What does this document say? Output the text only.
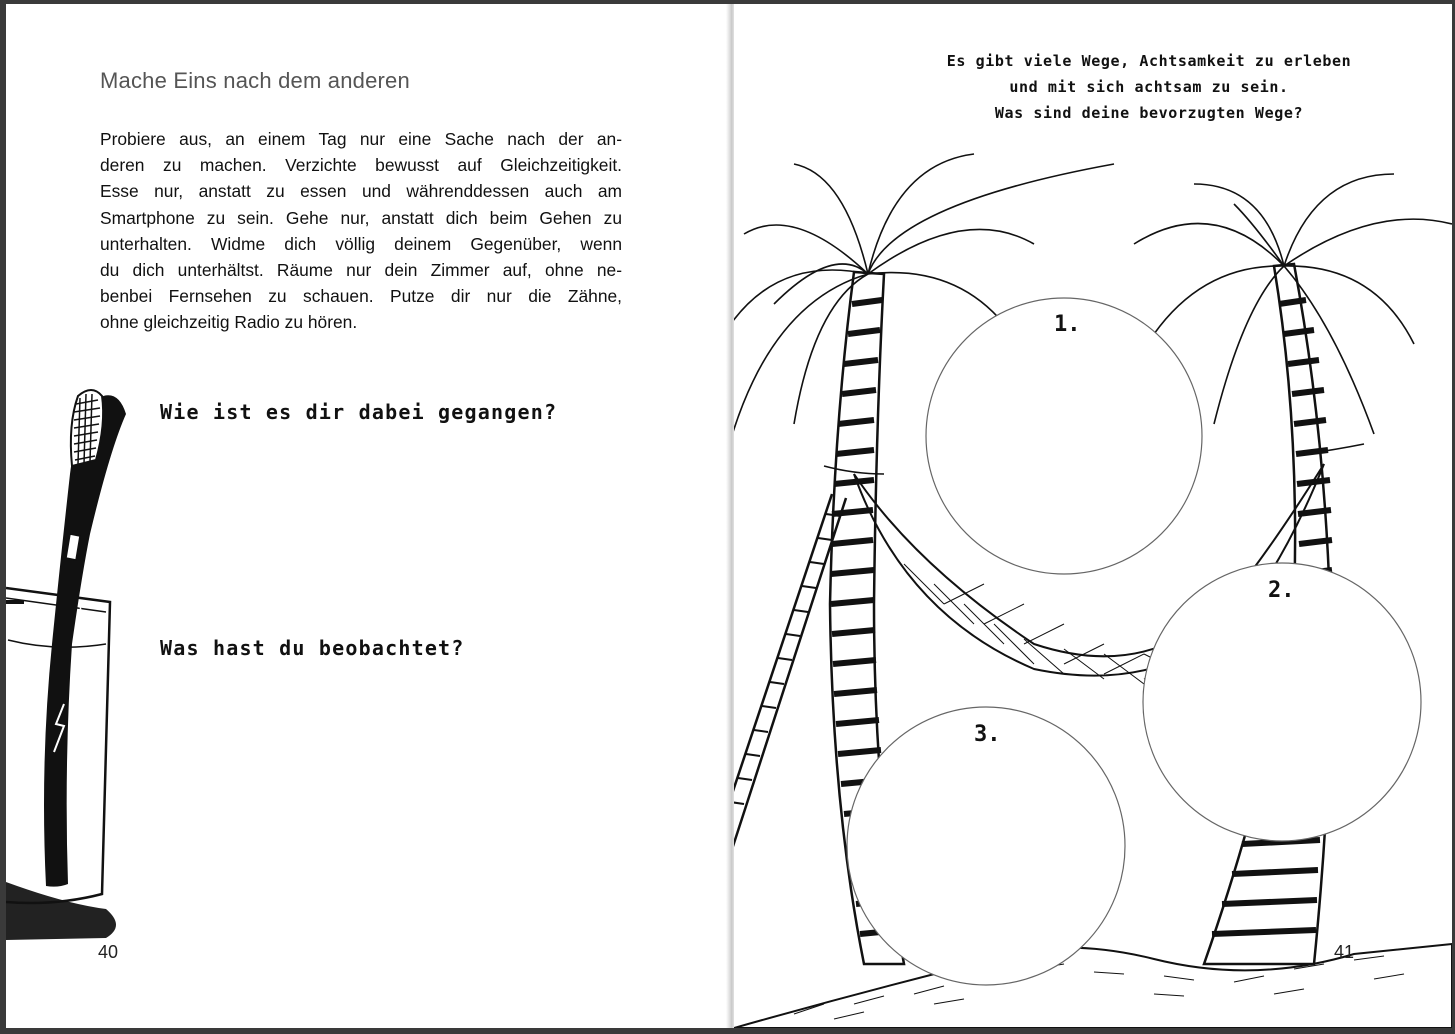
Mache Eins nach dem anderen
Probiere aus, an einem Tag nur eine Sache nach der an-
deren zu machen. Verzichte bewusst auf Gleichzeitigkeit.
Esse nur, anstatt zu essen und währenddessen auch am
Smartphone zu sein. Gehe nur, anstatt dich beim Gehen zu
unterhalten. Widme dich völlig deinem Gegenüber, wenn
du dich unterhältst. Räume nur dein Zimmer auf, ohne ne-
benbei Fernsehen zu schauen. Putze dir nur die Zähne,
ohne gleichzeitig Radio zu hören.
Wie ist es dir dabei gegangen?
Was hast du beobachtet?
40
Es gibt viele Wege, Achtsamkeit zu erleben
und mit sich achtsam zu sein.
Was sind deine bevorzugten Wege?
1.
2.
3.
41
